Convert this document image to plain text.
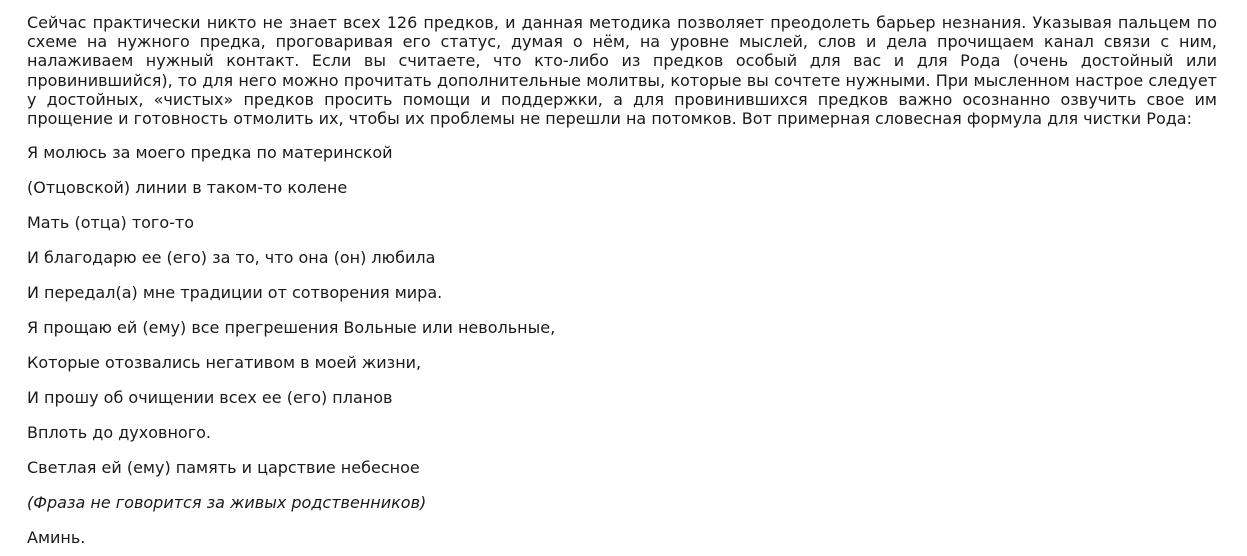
Сейчас практически никто не знает всех 126 предков, и данная методика позволяет преодолеть барьер незнания. Указывая пальцем по схеме на нужного предка, проговаривая его статус, думая о нём, на уровне мыслей, слов и дела прочищаем канал связи с ним, налаживаем нужный контакт. Если вы считаете, что кто-либо из предков особый для вас и для Рода (очень достойный или провинившийся), то для него можно прочитать дополнительные молитвы, которые вы сочтете нужными. При мысленном настрое следует у достойных, «чистых» предков просить помощи и поддержки, а для провинившихся предков важно осознанно озвучить свое им прощение и готовность отмолить их, чтобы их проблемы не перешли на потомков. Вот примерная словесная формула для чистки Рода:

Я молюсь за моего предка по материнской

(Отцовской) линии в таком-то колене

Мать (отца) того-то

И благодарю ее (его) за то, что она (он) любила

И передал(а) мне традиции от сотворения мира.

Я прощаю ей (ему) все прегрешения Вольные или невольные,

Которые отозвались негативом в моей жизни,

И прошу об очищении всех ее (его) планов

Вплоть до духовного.

Светлая ей (ему) память и царствие небесное

(Фраза не говорится за живых родственников)

Аминь.
